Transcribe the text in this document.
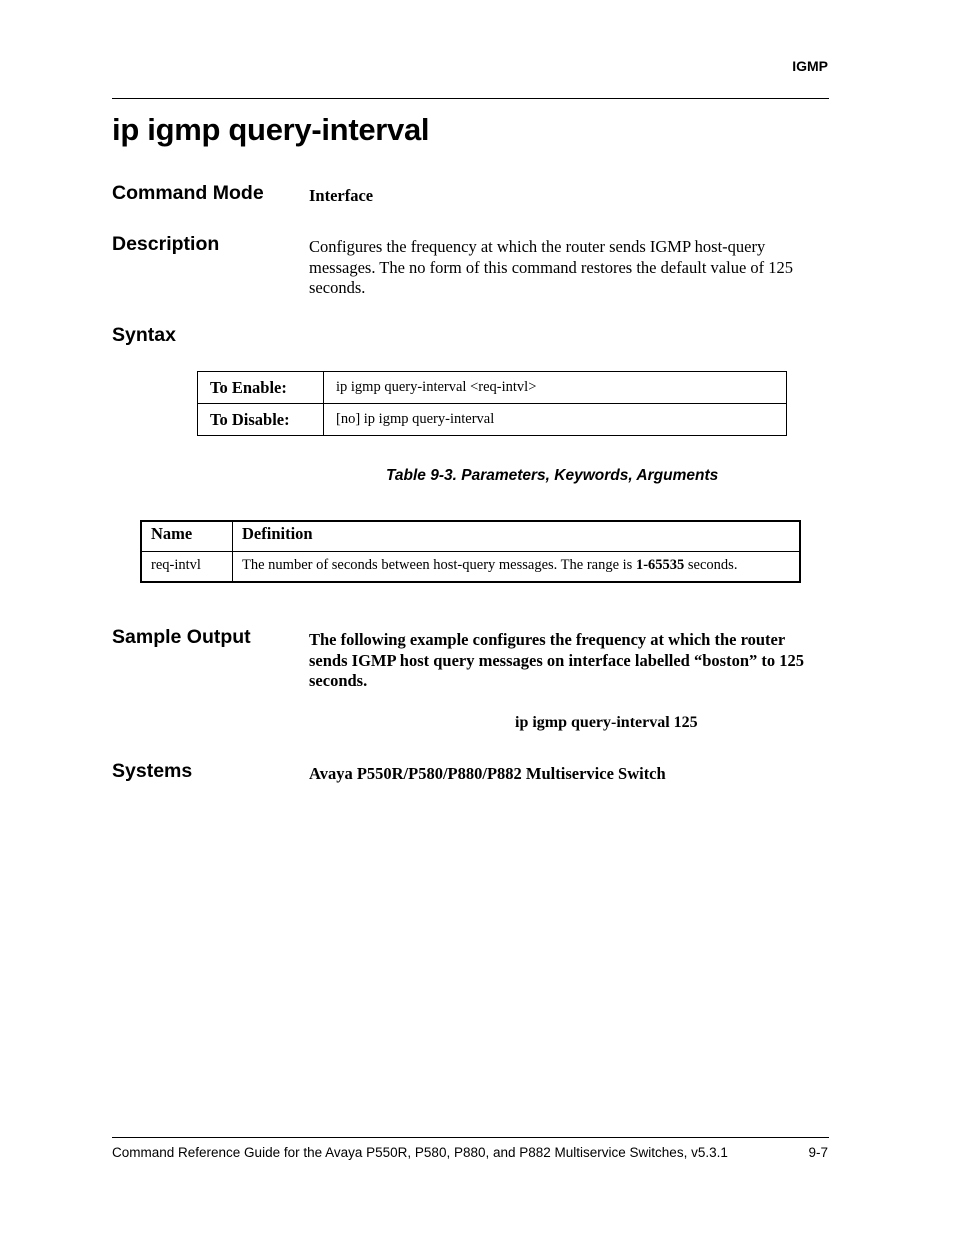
IGMP
ip igmp query-interval
Command Mode	Interface
Description	Configures the frequency at which the router sends IGMP host-query messages. The no form of this command restores the default value of 125 seconds.
Syntax
To Enable:	ip igmp query-interval <req-intvl>
To Disable:	[no] ip igmp query-interval
Table 9-3. Parameters, Keywords, Arguments
Name	Definition
req-intvl	The number of seconds between host-query messages. The range is 1-65535 seconds.
Sample Output	The following example configures the frequency at which the router sends IGMP host query messages on interface labelled “boston” to 125 seconds.
ip igmp query-interval 125
Systems	Avaya P550R/P580/P880/P882 Multiservice Switch
Command Reference Guide for the Avaya P550R, P580, P880, and P882 Multiservice Switches, v5.3.1	9-7
